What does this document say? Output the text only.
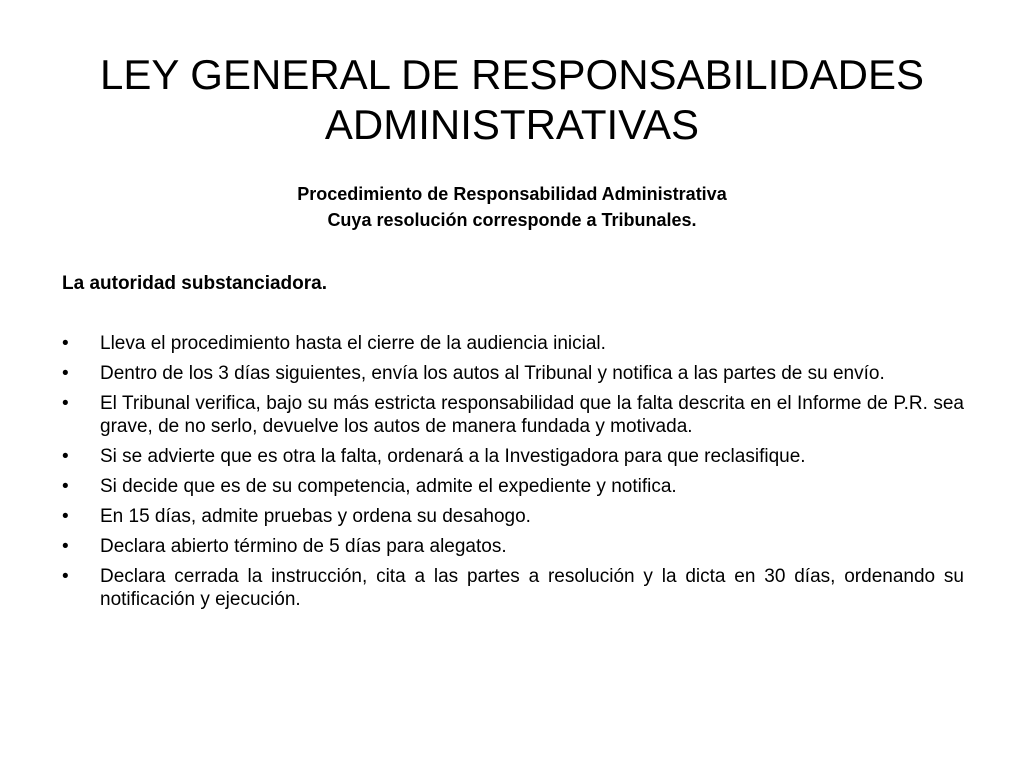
LEY GENERAL DE RESPONSABILIDADES ADMINISTRATIVAS
Procedimiento de Responsabilidad Administrativa
Cuya resolución corresponde a Tribunales.
La autoridad substanciadora.
• Lleva el procedimiento hasta el cierre de la audiencia inicial.
• Dentro de los 3 días siguientes, envía los autos al Tribunal y notifica a las partes de su envío.
• El Tribunal verifica, bajo su más estricta responsabilidad que la falta descrita en el Informe de P.R. sea grave, de no serlo, devuelve los autos de manera fundada y motivada.
• Si se advierte que es otra la falta, ordenará a la Investigadora para que reclasifique.
• Si decide que es de su competencia, admite el expediente y notifica.
• En 15 días, admite pruebas y ordena su desahogo.
• Declara abierto término de 5 días para alegatos.
• Declara cerrada la instrucción, cita a las partes a resolución y la dicta en 30 días, ordenando su notificación y ejecución.
